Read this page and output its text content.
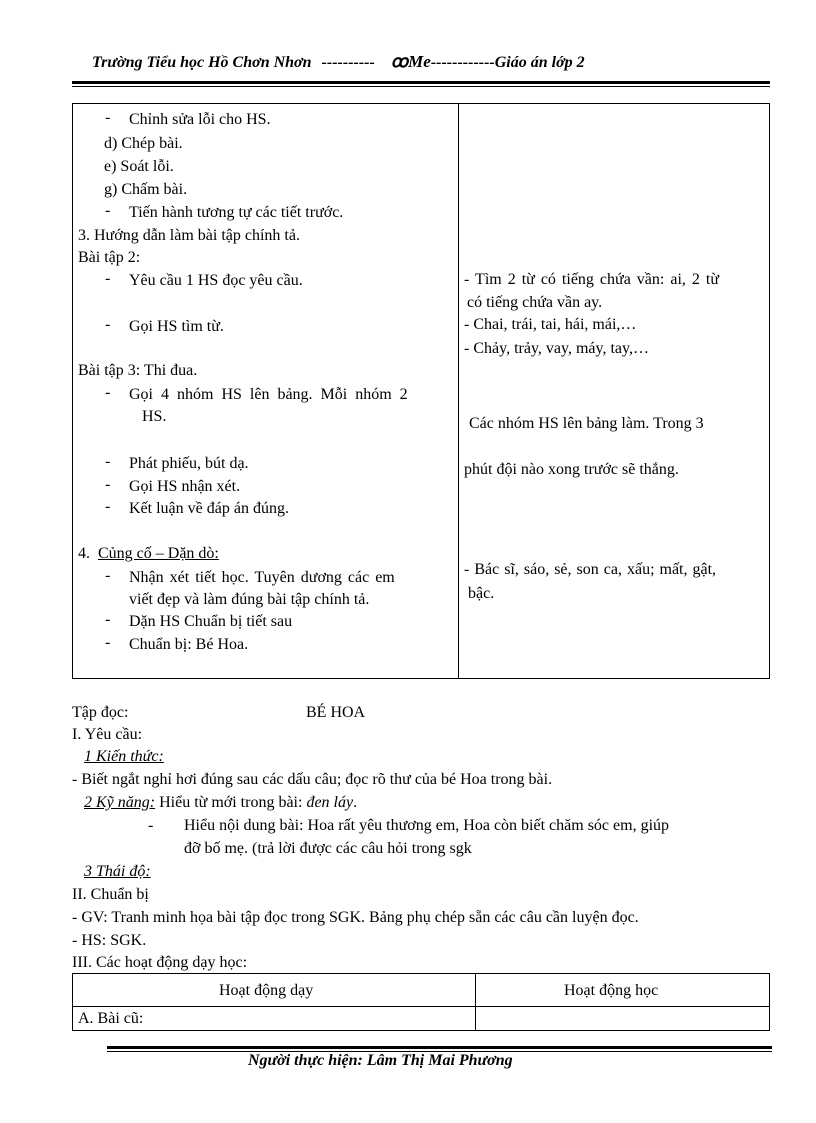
Trường Tiểu học Hồ Chơn Nhơn ---------- ꝏMe------------Giáo án lớp 2
- Chỉnh sửa lỗi cho HS.
d) Chép bài.
e) Soát lỗi.
g) Chấm bài.
- Tiến hành tương tự các tiết trước.
3. Hướng dẫn làm bài tập chính tả.
Bài tập 2:
- Yêu cầu 1 HS đọc yêu cầu.
- Gọi HS tìm từ.
Bài tập 3: Thi đua.
- Gọi 4 nhóm HS lên bảng. Mỗi nhóm 2
HS.
- Phát phiếu, bút dạ.
- Gọi HS nhận xét.
- Kết luận về đáp án đúng.
4. Củng cố – Dặn dò:
- Nhận xét tiết học. Tuyên dương các em
viết đẹp và làm đúng bài tập chính tả.
- Dặn HS Chuẩn bị tiết sau
- Chuẩn bị: Bé Hoa.
- Tìm 2 từ có tiếng chứa vần: ai, 2 từ
có tiếng chứa vần ay.
- Chai, trái, tai, hái, mái,…
- Chảy, trảy, vay, máy, tay,…
Các nhóm HS lên bảng làm. Trong 3
phút đội nào xong trước sẽ thắng.
- Bác sĩ, sáo, sẻ, son ca, xấu; mất, gật,
bậc.
Tập đọc:	BÉ HOA
I. Yêu cầu:
1 Kiến thức:
- Biết ngắt nghỉ hơi đúng sau các dấu câu; đọc rõ thư của bé Hoa trong bài.
2 Kỹ năng: Hiểu từ mới trong bài: đen láy.
- Hiểu nội dung bài: Hoa rất yêu thương em, Hoa còn biết chăm sóc em, giúp
đỡ bố mẹ. (trả lời được các câu hỏi trong sgk
3 Thái độ:
II. Chuẩn bị
- GV: Tranh minh họa bài tập đọc trong SGK. Bảng phụ chép sẵn các câu cần luyện đọc.
- HS: SGK.
III. Các hoạt động dạy học:
Hoạt động dạy	Hoạt động học
A. Bài cũ:
Người thực hiện: Lâm Thị Mai Phương
